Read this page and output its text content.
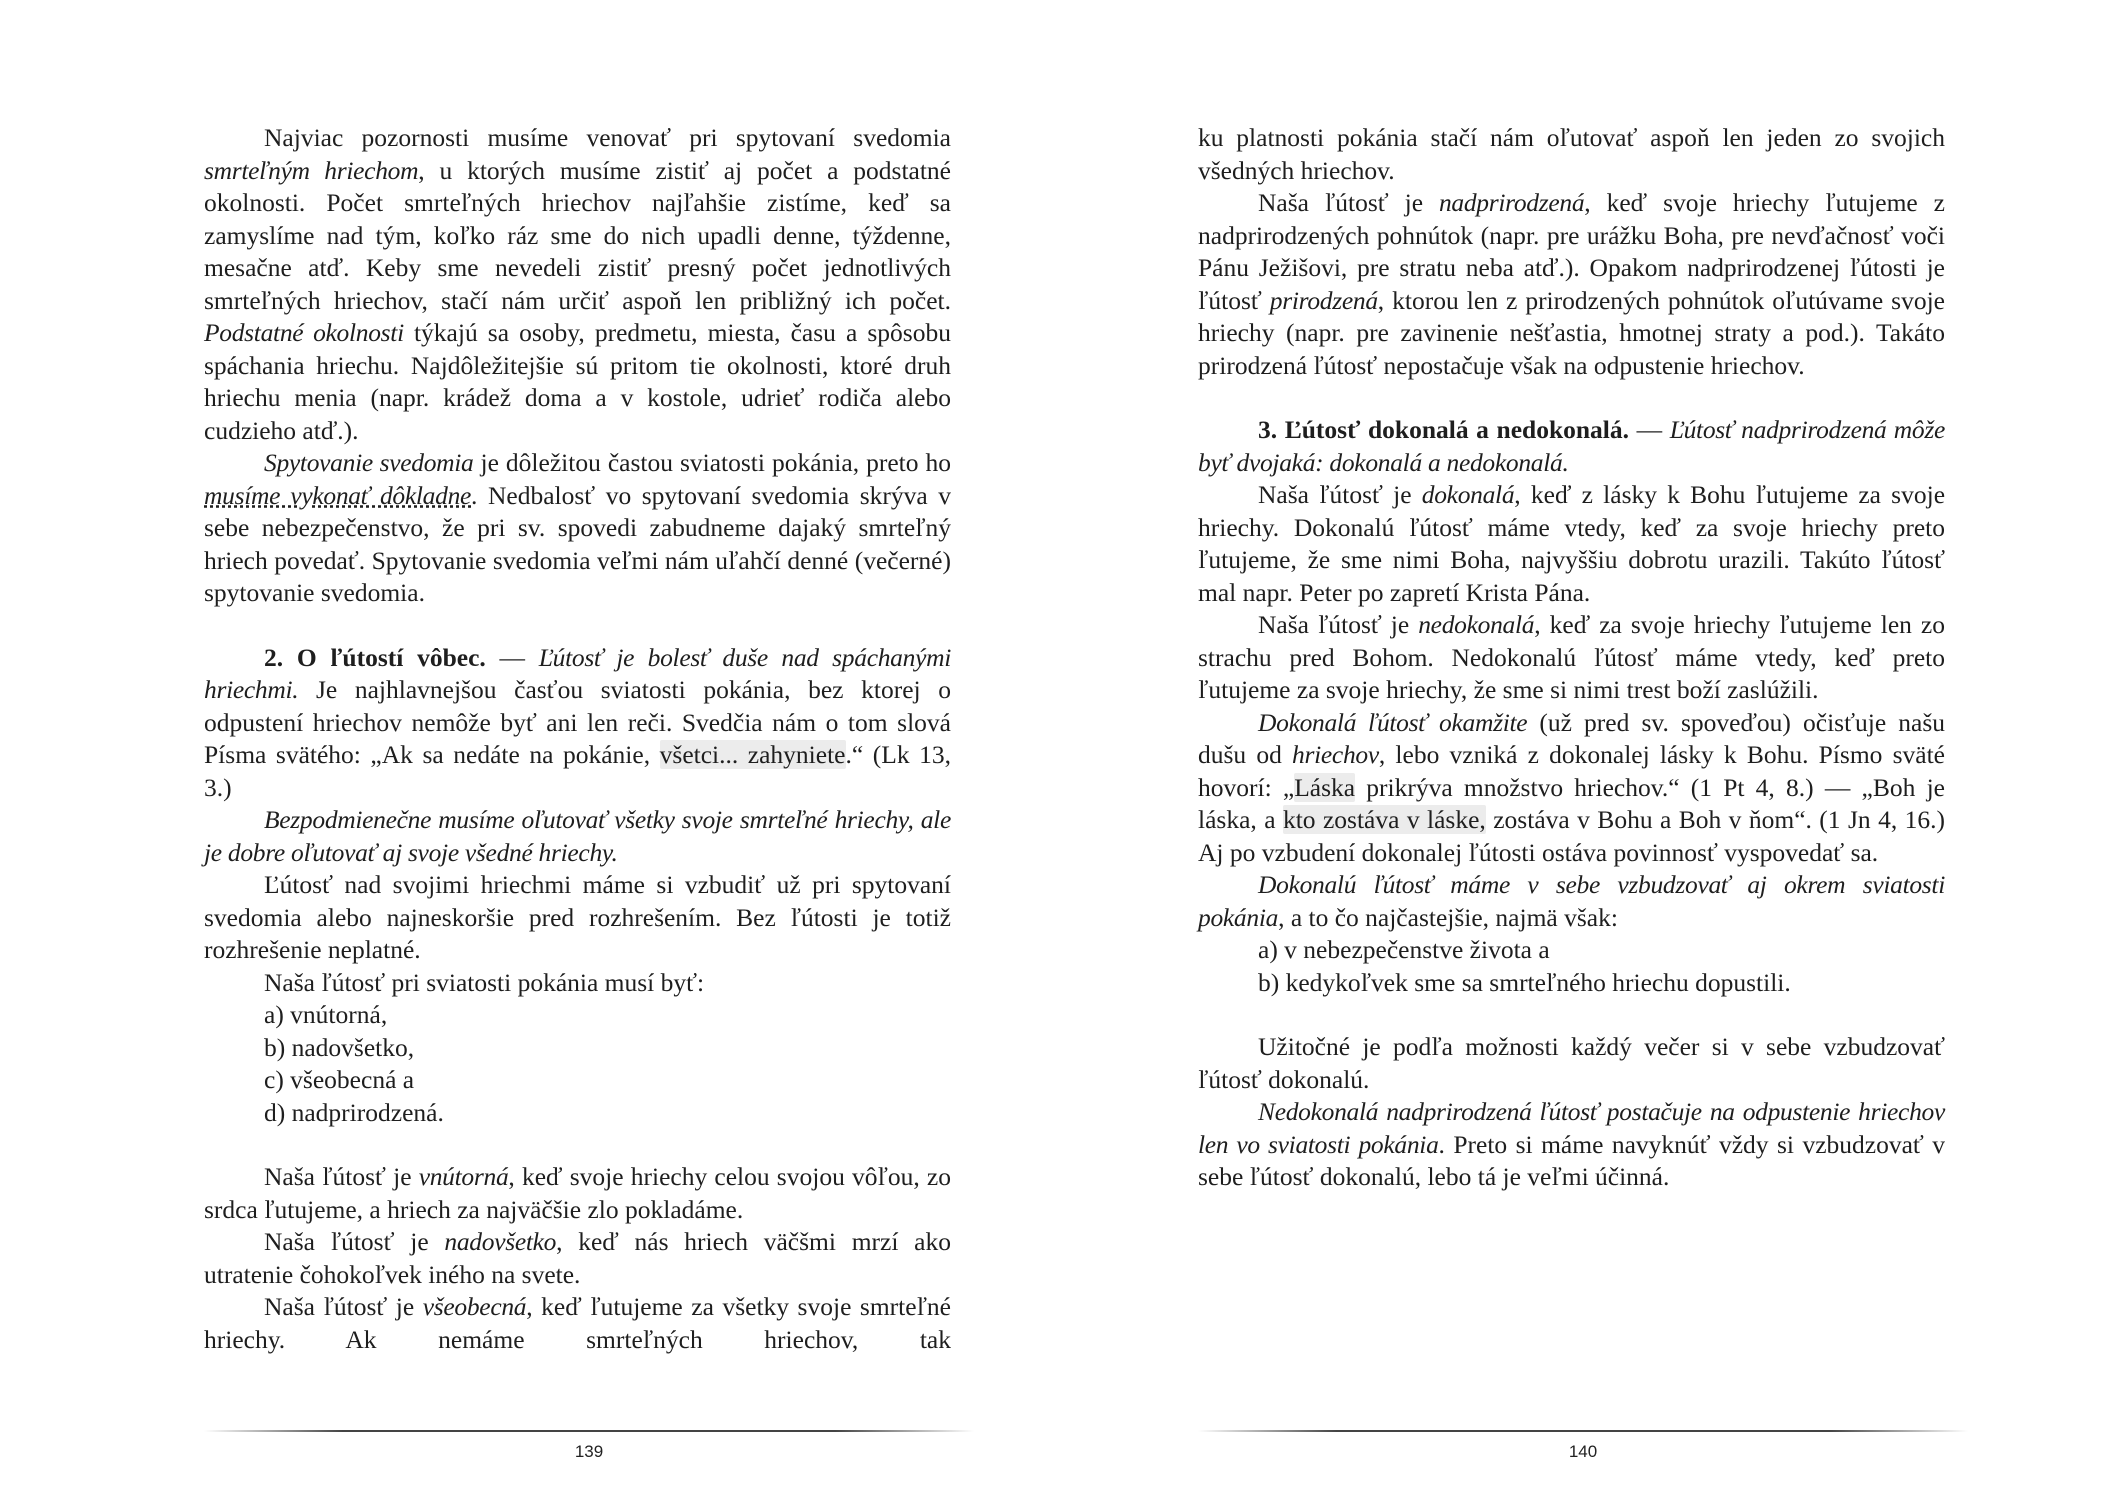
Najviac pozornosti musíme venovať pri spytovaní svedomia smrteľným hriechom, u ktorých musíme zistiť aj počet a podstatné okolnosti. Počet smrteľných hriechov najľahšie zistíme, keď sa zamyslíme nad tým, koľko ráz sme do nich upadli denne, týždenne, mesačne atď. Keby sme nevedeli zistiť presný počet jednotlivých smrteľných hriechov, stačí nám určiť aspoň len približný ich počet. Podstatné okolnosti týkajú sa osoby, predmetu, miesta, času a spôsobu spáchania hriechu. Najdôležitejšie sú pritom tie okolnosti, ktoré druh hriechu menia (napr. krádež doma a v kostole, udrieť rodiča alebo cudzieho atď.).

Spytovanie svedomia je dôležitou častou sviatosti pokánia, preto ho musíme vykonať dôkladne. Nedbalosť vo spytovaní svedomia skrýva v sebe nebezpečenstvo, že pri sv. spovedi zabudneme dajaký smrteľný hriech povedať. Spytovanie svedomia veľmi nám uľahčí denné (večerné) spytovanie svedomia.

2. O ľútostí vôbec. — Ľútosť je bolesť duše nad spáchanými hriechmi. Je najhlavnejšou časťou sviatosti pokánia, bez ktorej o odpustení hriechov nemôže byť ani len reči. Svedčia nám o tom slová Písma svätého: „Ak sa nedáte na pokánie, všetci... zahyniete.“ (Lk 13, 3.)

Bezpodmienečne musíme oľutovať všetky svoje smrteľné hriechy, ale je dobre oľutovať aj svoje všedné hriechy.

Ľútosť nad svojimi hriechmi máme si vzbudiť už pri spytovaní svedomia alebo najneskoršie pred rozhrešením. Bez ľútosti je totiž rozhrešenie neplatné.

Naša ľútosť pri sviatosti pokánia musí byť:

a) vnútorná,

b) nadovšetko,

c) všeobecná a

d) nadprirodzená.

Naša ľútosť je vnútorná, keď svoje hriechy celou svojou vôľou, zo srdca ľutujeme, a hriech za najväčšie zlo pokladáme.

Naša ľútosť je nadovšetko, keď nás hriech väčšmi mrzí ako utratenie čohokoľvek iného na svete.

Naša ľútosť je všeobecná, keď ľutujeme za všetky svoje smrteľné hriechy. Ak nemáme smrteľných hriechov, tak

139

ku platnosti pokánia stačí nám oľutovať aspoň len jeden zo svojich všedných hriechov.

Naša ľútosť je nadprirodzená, keď svoje hriechy ľutujeme z nadprirodzených pohnútok (napr. pre urážku Boha, pre nevďačnosť voči Pánu Ježišovi, pre stratu neba atď.). Opakom nadprirodzenej ľútosti je ľútosť prirodzená, ktorou len z prirodzených pohnútok oľutúvame svoje hriechy (napr. pre zavinenie nešťastia, hmotnej straty a pod.). Takáto prirodzená ľútosť nepostačuje však na odpustenie hriechov.

3. Ľútosť dokonalá a nedokonalá. — Ľútosť nadprirodzená môže byť dvojaká: dokonalá a nedokonalá.

Naša ľútosť je dokonalá, keď z lásky k Bohu ľutujeme za svoje hriechy. Dokonalú ľútosť máme vtedy, keď za svoje hriechy preto ľutujeme, že sme nimi Boha, najvyššiu dobrotu urazili. Takúto ľútosť mal napr. Peter po zapretí Krista Pána.

Naša ľútosť je nedokonalá, keď za svoje hriechy ľutujeme len zo strachu pred Bohom. Nedokonalú ľútosť máme vtedy, keď preto ľutujeme za svoje hriechy, že sme si nimi trest boží zaslúžili.

Dokonalá ľútosť okamžite (už pred sv. spoveďou) očisťuje našu dušu od hriechov, lebo vzniká z dokonalej lásky k Bohu. Písmo sväté hovorí: „Láska prikrýva množstvo hriechov.“ (1 Pt 4, 8.) — „Boh je láska, a kto zostáva v láske, zostáva v Bohu a Boh v ňom“. (1 Jn 4, 16.) Aj po vzbudení dokonalej ľútosti ostáva povinnosť vyspovedať sa.

Dokonalú ľútosť máme v sebe vzbudzovať aj okrem sviatosti pokánia, a to čo najčastejšie, najmä však:

a) v nebezpečenstve života a

b) kedykoľvek sme sa smrteľného hriechu dopustili.

Užitočné je podľa možnosti každý večer si v sebe vzbudzovať ľútosť dokonalú.

Nedokonalá nadprirodzená ľútosť postačuje na odpustenie hriechov len vo sviatosti pokánia. Preto si máme navyknúť vždy si vzbudzovať v sebe ľútosť dokonalú, lebo tá je veľmi účinná.

140
